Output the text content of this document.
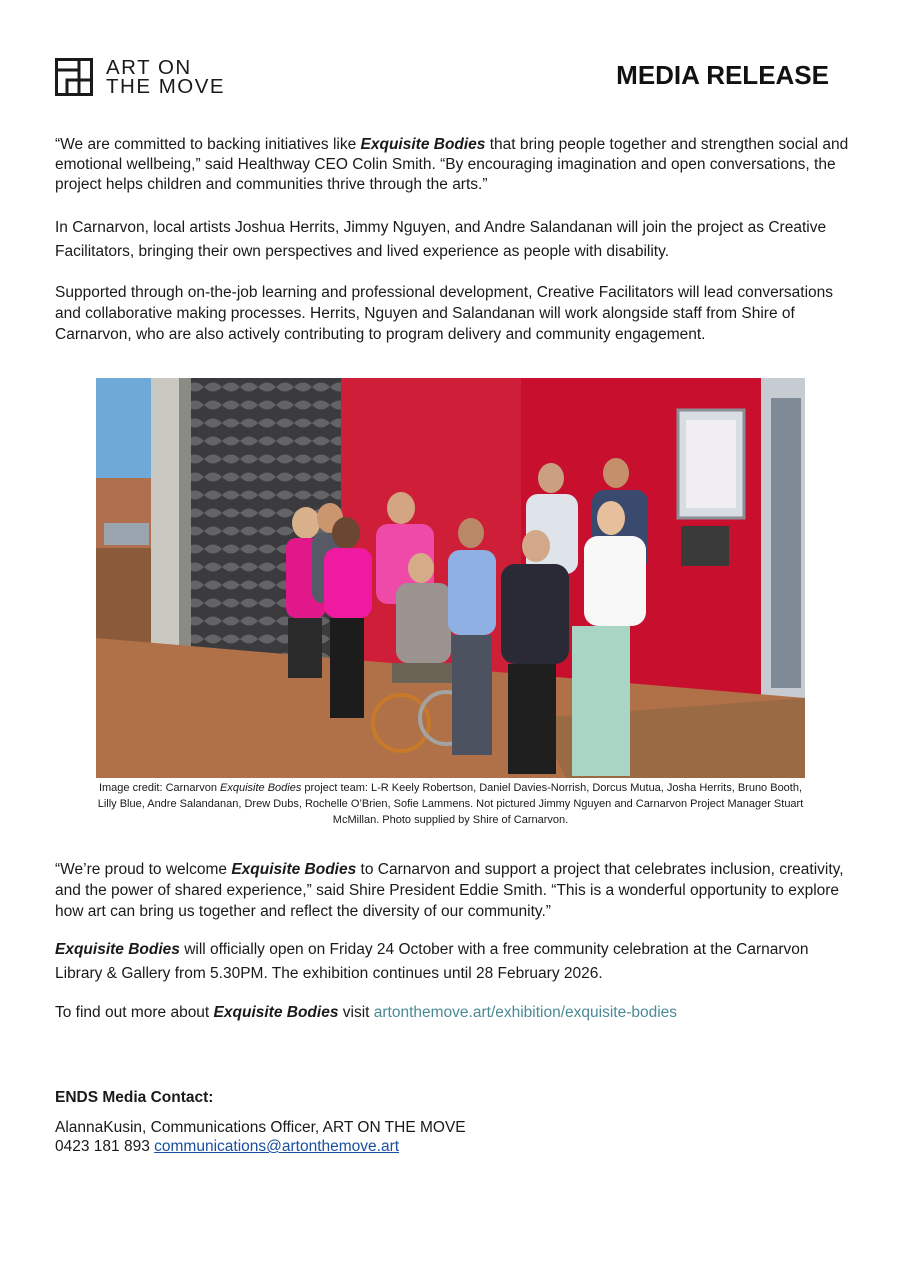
ART ON
THE MOVE	MEDIA RELEASE

“We are committed to backing initiatives like Exquisite Bodies that bring people together and strengthen social and emotional wellbeing,” said Healthway CEO Colin Smith. “By encouraging imagination and open conversations, the project helps children and communities thrive through the arts.”

In Carnarvon, local artists Joshua Herrits, Jimmy Nguyen, and Andre Salandanan will join the project as Creative Facilitators, bringing their own perspectives and lived experience as people with disability.

Supported through on-the-job learning and professional development, Creative Facilitators will lead conversations and collaborative making processes. Herrits, Nguyen and Salandanan will work alongside staff from Shire of Carnarvon, who are also actively contributing to program delivery and community engagement.

Image credit: Carnarvon Exquisite Bodies project team: L-R Keely Robertson, Daniel Davies-Norrish, Dorcus Mutua, Josha Herrits, Bruno Booth, Lilly Blue, Andre Salandanan, Drew Dubs, Rochelle O’Brien, Sofie Lammens. Not pictured Jimmy Nguyen and Carnarvon Project Manager Stuart McMillan. Photo supplied by Shire of Carnarvon.

“We’re proud to welcome Exquisite Bodies to Carnarvon and support a project that celebrates inclusion, creativity, and the power of shared experience,” said Shire President Eddie Smith. “This is a wonderful opportunity to explore how art can bring us together and reflect the diversity of our community.”

Exquisite Bodies will officially open on Friday 24 October with a free community celebration at the Carnarvon Library & Gallery from 5.30PM. The exhibition continues until 28 February 2026.

To find out more about Exquisite Bodies visit artonthemove.art/exhibition/exquisite-bodies

ENDS Media Contact:
AlannaKusin, Communications Officer, ART ON THE MOVE
0423 181 893 communications@artonthemove.art
